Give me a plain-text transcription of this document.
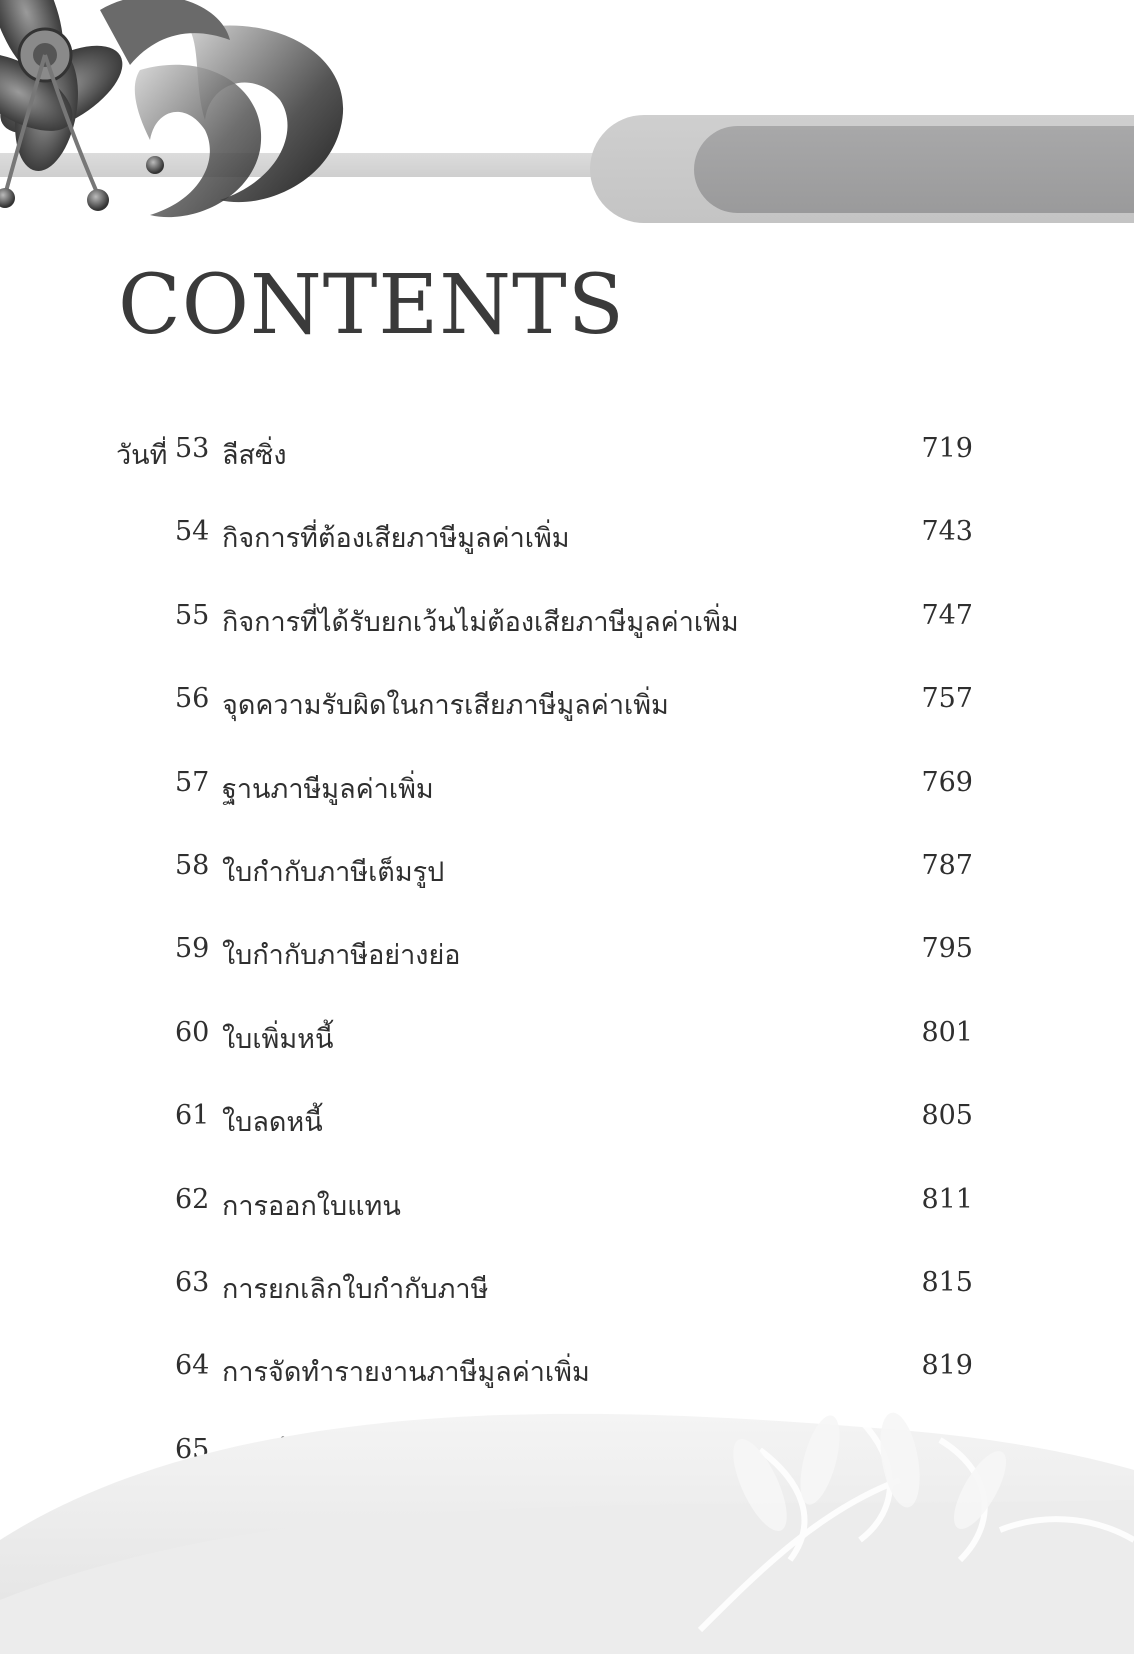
CONTENTS
วันที่ 53 ลีสซิ่ง	719
54 กิจการที่ต้องเสียภาษีมูลค่าเพิ่ม	743
55 กิจการที่ได้รับยกเว้นไม่ต้องเสียภาษีมูลค่าเพิ่ม	747
56 จุดความรับผิดในการเสียภาษีมูลค่าเพิ่ม	757
57 ฐานภาษีมูลค่าเพิ่ม	769
58 ใบกำกับภาษีเต็มรูป	787
59 ใบกำกับภาษีอย่างย่อ	795
60 ใบเพิ่มหนี้	801
61 ใบลดหนี้	805
62 การออกใบแทน	811
63 การยกเลิกใบกำกับภาษี	815
64 การจัดทำรายงานภาษีมูลค่าเพิ่ม	819
65
